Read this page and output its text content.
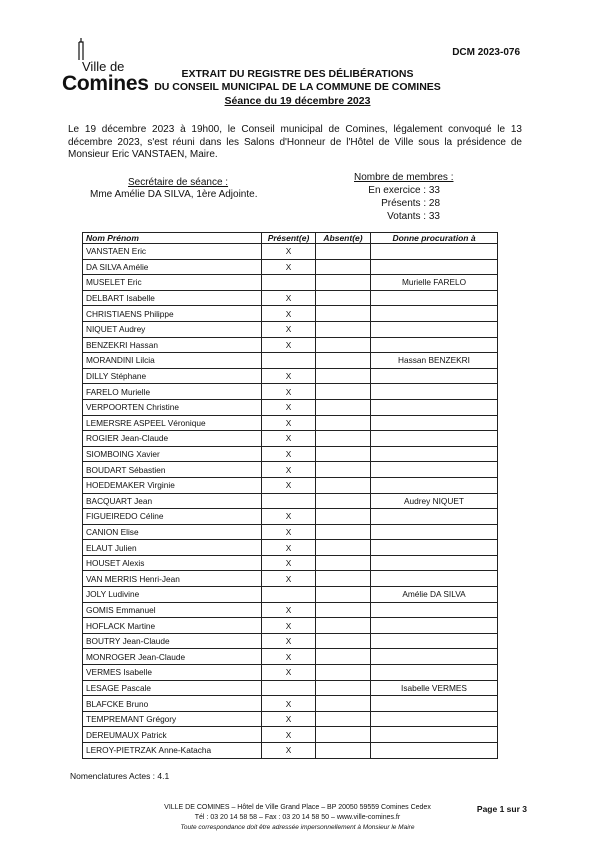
Ville de
Comines
DCM 2023-076
EXTRAIT DU REGISTRE DES DÉLIBÉRATIONS
DU CONSEIL MUNICIPAL DE LA COMMUNE DE COMINES
Séance du 19 décembre 2023
Le 19 décembre 2023 à 19h00, le Conseil municipal de Comines, légalement convoqué le 13 décembre 2023, s'est réuni dans les Salons d'Honneur de l'Hôtel de Ville sous la présidence de Monsieur Eric VANSTAEN, Maire.
Secrétaire de séance :
Mme Amélie DA SILVA, 1ère Adjointe.
Nombre de membres :
En exercice : 33
Présents : 28
Votants : 33
Nom Prénom	Présent(e)	Absent(e)	Donne procuration à
VANSTAEN Eric	X		
DA SILVA Amélie	X		
MUSELET Eric			Murielle FARELO
DELBART Isabelle	X		
CHRISTIAENS Philippe	X		
NIQUET Audrey	X		
BENZEKRI Hassan	X		
MORANDINI Lilcia			Hassan BENZEKRI
DILLY Stéphane	X		
FARELO Murielle	X		
VERPOORTEN Christine	X		
LEMERSRE ASPEEL Véronique	X		
ROGIER Jean-Claude	X		
SIOMBOING Xavier	X		
BOUDART Sébastien	X		
HOEDEMAKER Virginie	X		
BACQUART Jean			Audrey NIQUET
FIGUEIREDO Céline	X		
CANION Elise	X		
ELAUT Julien	X		
HOUSET Alexis	X		
VAN MERRIS Henri-Jean	X		
JOLY Ludivine			Amélie DA SILVA
GOMIS Emmanuel	X		
HOFLACK Martine	X		
BOUTRY Jean-Claude	X		
MONROGER Jean-Claude	X		
VERMES Isabelle	X		
LESAGE Pascale			Isabelle VERMES
BLAFCKE Bruno	X		
TEMPREMANT Grégory	X		
DEREUMAUX Patrick	X		
LEROY-PIETRZAK Anne-Katacha	X		
Nomenclatures Actes : 4.1
VILLE DE COMINES – Hôtel de Ville Grand Place – BP 20050 59559 Comines Cedex
Tél : 03 20 14 58 58 – Fax : 03 20 14 58 50 – www.ville-comines.fr
Toute correspondance doit être adressée impersonnellement à Monsieur le Maire
Page 1 sur 3
